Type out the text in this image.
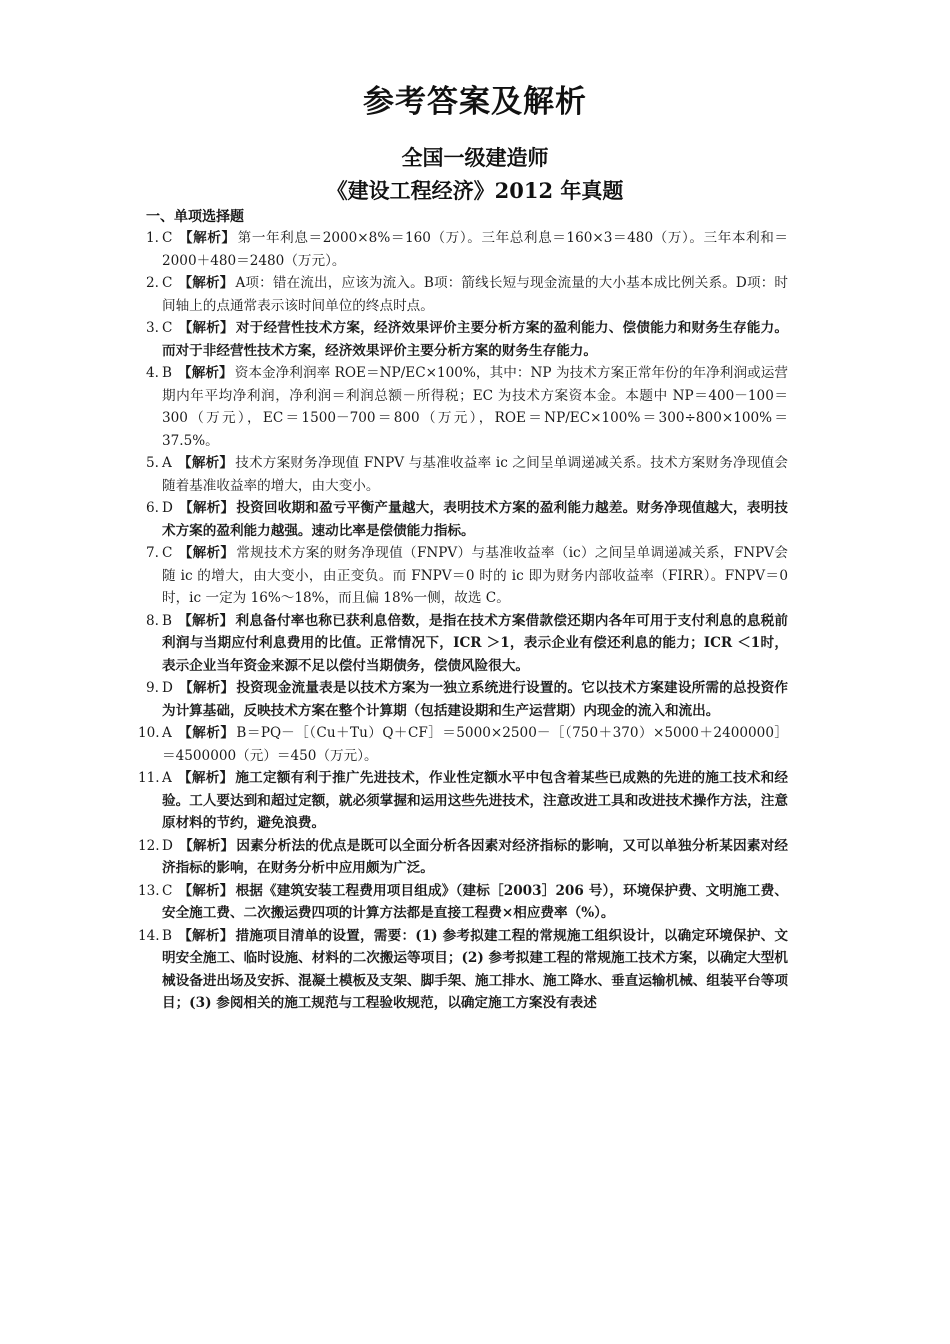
参考答案及解析
全国一级建造师
《建设工程经济》2012 年真题
一、单项选择题
1. C 【解析】 第一年利息＝2000×8%＝160（万）。三年总利息＝160×3＝480（万）。三年本利和＝2000＋480＝2480（万元）。
2. C 【解析】 A项：错在流出，应该为流入。B项：箭线长短与现金流量的大小基本成比例关系。D项：时间轴上的点通常表示该时间单位的终点时点。
3. C 【解析】 对于经营性技术方案，经济效果评价主要分析方案的盈利能力、偿债能力和财务生存能力。而对于非经营性技术方案，经济效果评价主要分析方案的财务生存能力。
4. B 【解析】 资本金净利润率 ROE＝NP/EC×100%，其中：NP 为技术方案正常年份的年净利润或运营期内年平均净利润，净利润＝利润总额－所得税；EC 为技术方案资本金。本题中 NP＝400－100＝300（万元），EC＝1500－700＝800（万元），ROE＝NP/EC×100%＝300÷800×100%＝37.5%。
5. A 【解析】 技术方案财务净现值 FNPV 与基准收益率 iс 之间呈单调递减关系。技术方案财务净现值会随着基准收益率的增大，由大变小。
6. D 【解析】 投资回收期和盈亏平衡产量越大，表明技术方案的盈利能力越差。财务净现值越大，表明技术方案的盈利能力越强。速动比率是偿债能力指标。
7. C 【解析】 常规技术方案的财务净现值（FNPV）与基准收益率（iс）之间呈单调递减关系，FNPV会随 iс 的增大，由大变小，由正变负。而 FNPV＝0 时的 iс 即为财务内部收益率（FIRR）。FNPV＝0 时，iс 一定为 16%～18%，而且偏 18%一侧，故选 C。
8. B 【解析】 利息备付率也称已获利息倍数，是指在技术方案借款偿还期内各年可用于支付利息的息税前利润与当期应付利息费用的比值。正常情况下，ICR ＞1，表示企业有偿还利息的能力；ICR ＜1时，表示企业当年资金来源不足以偿付当期债务，偿债风险很大。
9. D 【解析】 投资现金流量表是以技术方案为一独立系统进行设置的。它以技术方案建设所需的总投资作为计算基础，反映技术方案在整个计算期（包括建设期和生产运营期）内现金的流入和流出。
10. A 【解析】 B＝PQ－［（Cu＋Tu）Q＋CF］＝5000×2500－［（750＋370）×5000＋2400000］＝4500000（元）＝450（万元）。
11. A 【解析】 施工定额有利于推广先进技术，作业性定额水平中包含着某些已成熟的先进的施工技术和经验。工人要达到和超过定额，就必须掌握和运用这些先进技术，注意改进工具和改进技术操作方法，注意原材料的节约，避免浪费。
12. D 【解析】 因素分析法的优点是既可以全面分析各因素对经济指标的影响，又可以单独分析某因素对经济指标的影响，在财务分析中应用颇为广泛。
13. C 【解析】 根据《建筑安装工程费用项目组成》（建标［2003］206 号），环境保护费、文明施工费、安全施工费、二次搬运费四项的计算方法都是直接工程费×相应费率（%）。
14. B 【解析】 措施项目清单的设置，需要：(1) 参考拟建工程的常规施工组织设计，以确定环境保护、文明安全施工、临时设施、材料的二次搬运等项目；(2) 参考拟建工程的常规施工技术方案，以确定大型机械设备进出场及安拆、混凝土模板及支架、脚手架、施工排水、施工降水、垂直运输机械、组装平台等项目；(3) 参阅相关的施工规范与工程验收规范，以确定施工方案没有表述
